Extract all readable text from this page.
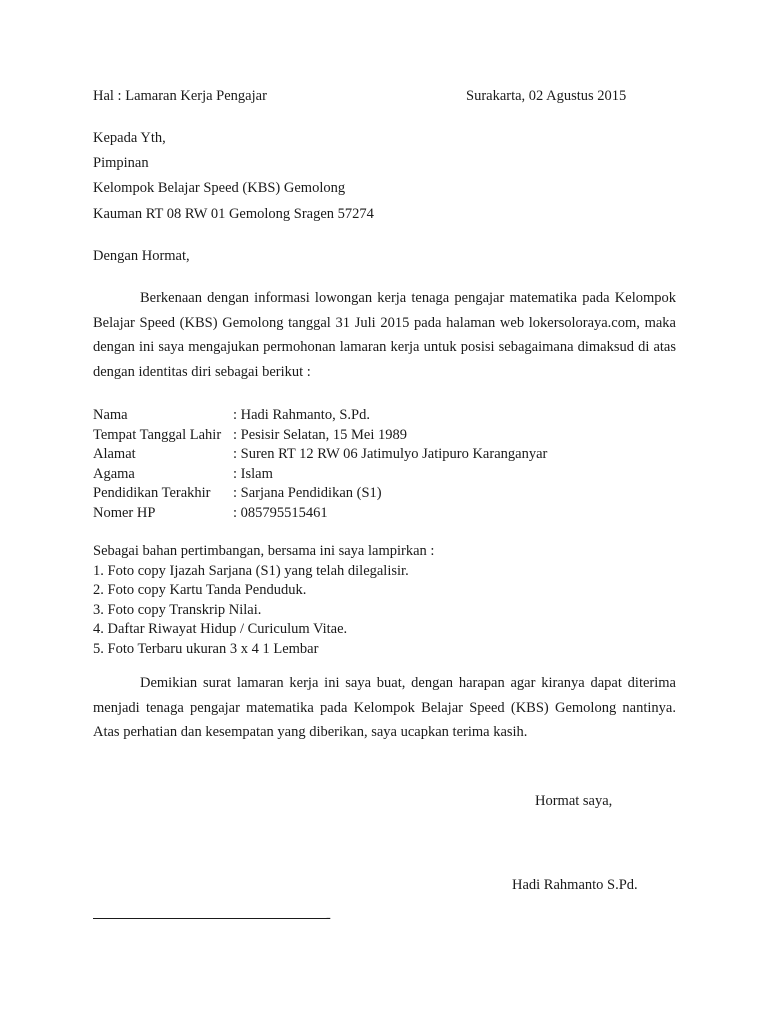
Hal : Lamaran Kerja Pengajar	Surakarta, 02 Agustus 2015
Kepada Yth,
Pimpinan
Kelompok Belajar Speed (KBS) Gemolong
Kauman RT 08 RW 01 Gemolong Sragen 57274
Dengan Hormat,
Berkenaan dengan informasi lowongan kerja tenaga pengajar matematika pada Kelompok Belajar Speed (KBS) Gemolong tanggal 31 Juli 2015 pada halaman web lokersoloraya.com, maka dengan ini saya mengajukan permohonan lamaran kerja untuk posisi sebagaimana dimaksud di atas dengan identitas diri sebagai berikut :
Nama	: Hadi Rahmanto, S.Pd.
Tempat Tanggal Lahir	: Pesisir Selatan, 15 Mei 1989
Alamat	: Suren RT 12 RW 06 Jatimulyo Jatipuro Karanganyar
Agama	: Islam
Pendidikan Terakhir	: Sarjana Pendidikan (S1)
Nomer HP	: 085795515461
Sebagai bahan pertimbangan, bersama ini saya lampirkan :
1. Foto copy Ijazah Sarjana (S1) yang telah dilegalisir.
2. Foto copy Kartu Tanda Penduduk.
3. Foto copy Transkrip Nilai.
4. Daftar Riwayat Hidup / Curiculum Vitae.
5. Foto Terbaru ukuran 3 x 4 1 Lembar
Demikian surat lamaran kerja ini saya buat, dengan harapan agar kiranya dapat diterima menjadi tenaga pengajar matematika pada Kelompok Belajar Speed (KBS) Gemolong nantinya. Atas perhatian dan kesempatan yang diberikan, saya ucapkan terima kasih.
Hormat saya,
Hadi Rahmanto S.Pd.
-
